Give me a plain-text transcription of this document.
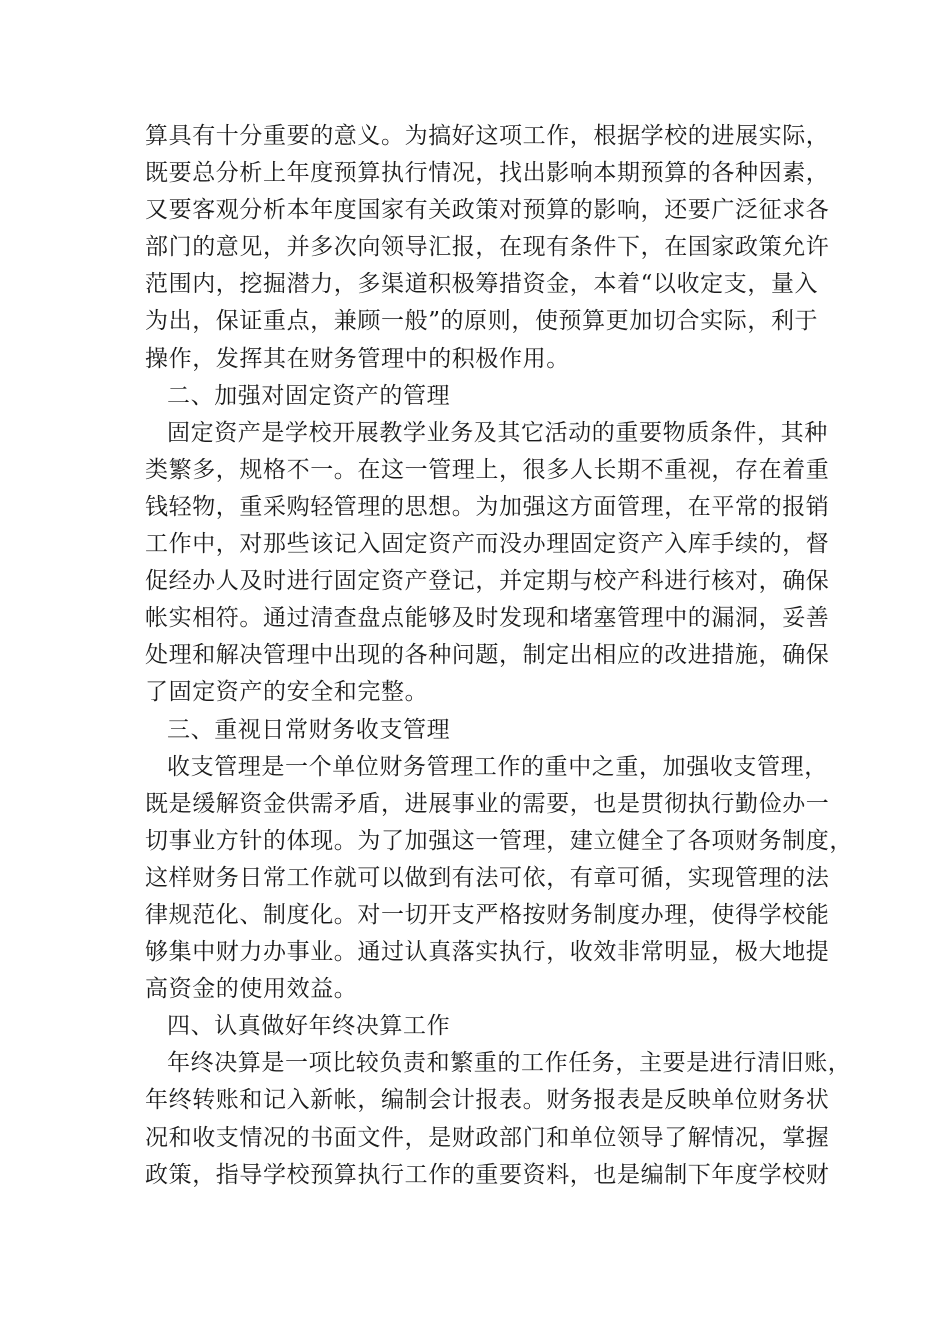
算具有十分重要的意义。为搞好这项工作，根据学校的进展实际，
既要总分析上年度预算执行情况，找出影响本期预算的各种因素，
又要客观分析本年度国家有关政策对预算的影响，还要广泛征求各
部门的意见，并多次向领导汇报，在现有条件下，在国家政策允许
范围内，挖掘潜力，多渠道积极筹措资金，本着“以收定支，量入
为出，保证重点，兼顾一般”的原则，使预算更加切合实际，利于
操作，发挥其在财务管理中的积极作用。
二、加强对固定资产的管理
固定资产是学校开展教学业务及其它活动的重要物质条件，其种
类繁多，规格不一。在这一管理上，很多人长期不重视，存在着重
钱轻物，重采购轻管理的思想。为加强这方面管理，在平常的报销
工作中，对那些该记入固定资产而没办理固定资产入库手续的，督
促经办人及时进行固定资产登记，并定期与校产科进行核对，确保
帐实相符。通过清查盘点能够及时发现和堵塞管理中的漏洞，妥善
处理和解决管理中出现的各种问题，制定出相应的改进措施，确保
了固定资产的安全和完整。
三、重视日常财务收支管理
收支管理是一个单位财务管理工作的重中之重，加强收支管理，
既是缓解资金供需矛盾，进展事业的需要，也是贯彻执行勤俭办一
切事业方针的体现。为了加强这一管理，建立健全了各项财务制度，
这样财务日常工作就可以做到有法可依，有章可循，实现管理的法
律规范化、制度化。对一切开支严格按财务制度办理，使得学校能
够集中财力办事业。通过认真落实执行，收效非常明显，极大地提
高资金的使用效益。
四、认真做好年终决算工作
年终决算是一项比较负责和繁重的工作任务，主要是进行清旧账，
年终转账和记入新帐，编制会计报表。财务报表是反映单位财务状
况和收支情况的书面文件，是财政部门和单位领导了解情况，掌握
政策，指导学校预算执行工作的重要资料，也是编制下年度学校财
